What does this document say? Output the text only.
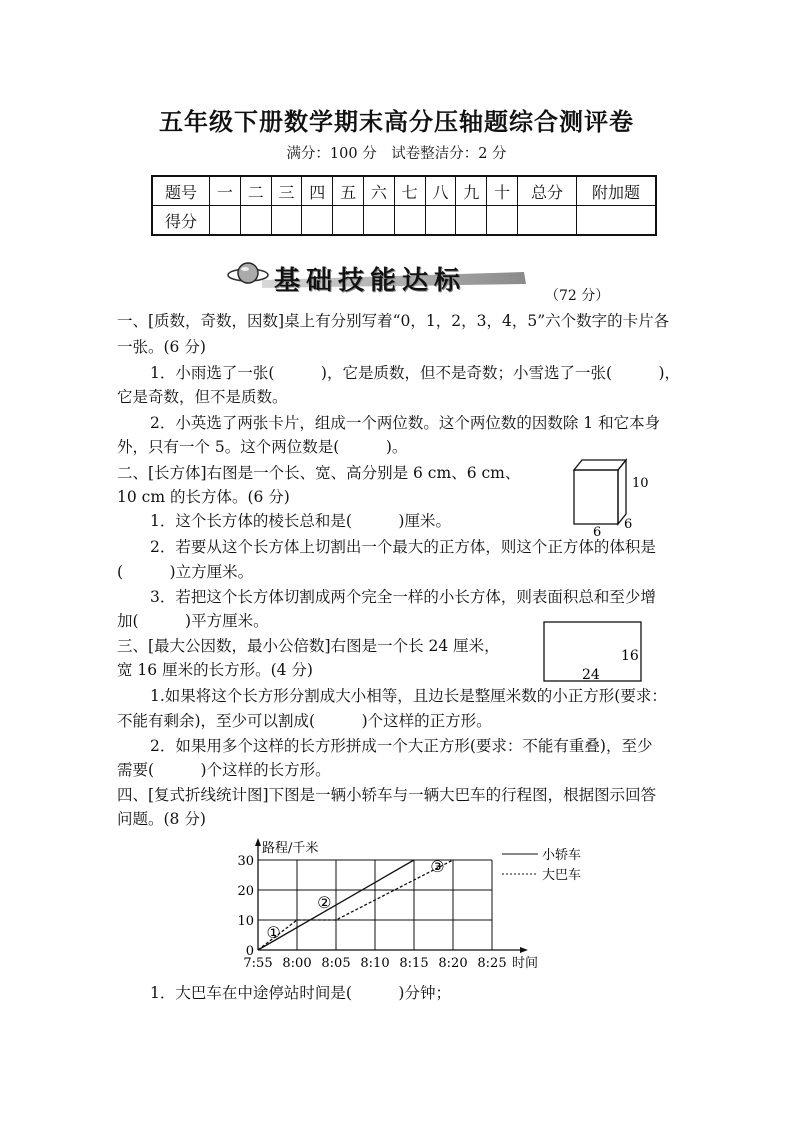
五年级下册数学期末高分压轴题综合测评卷
满分：100 分　试卷整洁分：2 分
题号	一	二	三	四	五	六	七	八	九	十	总分	附加题
得分												
基础技能达标	（72 分）
一、[质数，奇数，因数]桌上有分别写着“0，1，2，3，4，5”六个数字的卡片各
一张。(6 分)
1．小雨选了一张(　　　)，它是质数，但不是奇数；小雪选了一张(　　　)，
它是奇数，但不是质数。
2．小英选了两张卡片，组成一个两位数。这个两位数的因数除 1 和它本身
外，只有一个 5。这个两位数是(　　　)。
二、[长方体]右图是一个长、宽、高分别是 6 cm、6 cm、
10 cm 的长方体。(6 分)
1．这个长方体的棱长总和是(　　　)厘米。
2．若要从这个长方体上切割出一个最大的正方体，则这个正方体的体积是
(　　　)立方厘米。
3．若把这个长方体切割成两个完全一样的小长方体，则表面积总和至少增
加(　　　)平方厘米。
10
6
6
三、[最大公因数，最小公倍数]右图是一个长 24 厘米，
宽 16 厘米的长方形。(4 分)
1.如果将这个长方形分割成大小相等，且边长是整厘米数的小正方形(要求：
不能有剩余)，至少可以割成(　　　)个这样的正方形。
2．如果用多个这样的长方形拼成一个大正方形(要求：不能有重叠)，至少
需要(　　　)个这样的长方形。
16
24
四、[复式折线统计图]下图是一辆小轿车与一辆大巴车的行程图，根据图示回答
问题。(8 分)
0
10
20
30
7:55 8:00 8:05 8:10 8:15 8:20 8:25
①
②
③
路程/千米
时间
小轿车
大巴车
1．大巴车在中途停站时间是(　　　)分钟；
